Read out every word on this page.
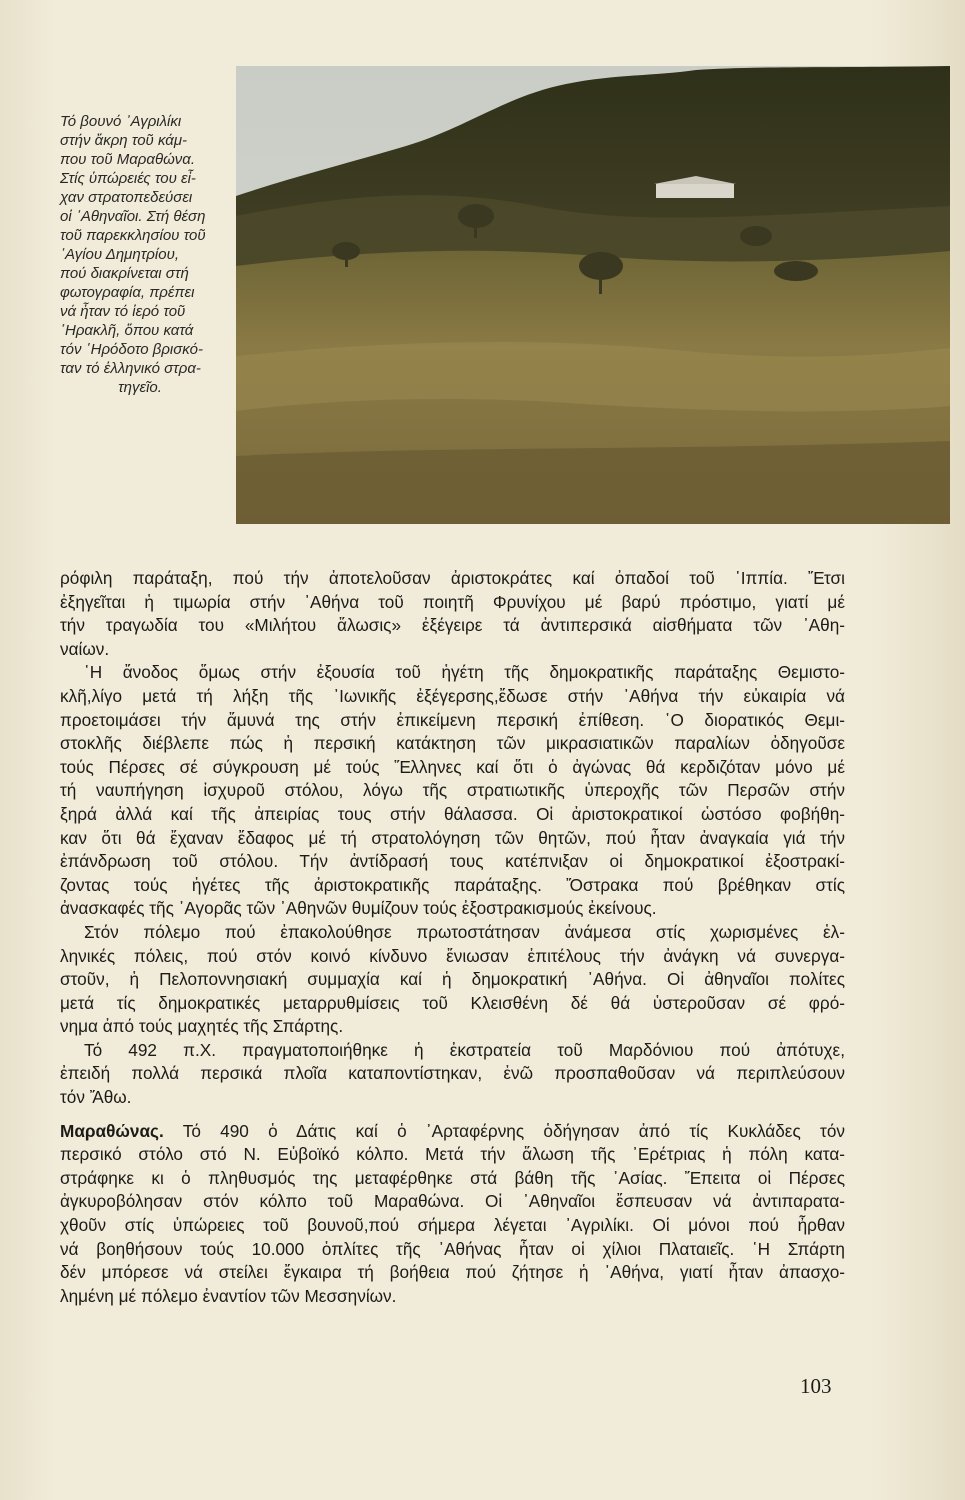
Τό βουνό ᾿Αγριλίκι
στήν ἄκρη τοῦ κάμ-
που τοῦ Μαραθώνα.
Στίς ὑπώρειές του εἶ-
χαν στρατοπεδεύσει
οἱ ᾿Αθηναῖοι. Στή θέση
τοῦ παρεκκλησίου τοῦ
᾿Αγίου Δημητρίου,
πού διακρίνεται στή
φωτογραφία, πρέπει
νά ἦταν τό ἱερό τοῦ
῾Ηρακλῆ, ὅπου κατά
τόν ῾Ηρόδοτο βρισκό-
ταν τό ἑλληνικό στρα-
τηγεῖο.
ρόφιλη παράταξη, πού τήν ἀποτελοῦσαν ἀριστοκράτες καί ὀπαδοί τοῦ ῾Ιππία. Ἔτσι
ἐξηγεῖται ἡ τιμωρία στήν ᾿Αθήνα τοῦ ποιητῆ Φρυνίχου μέ βαρύ πρόστιμο, γιατί μέ
τήν τραγωδία του «Μιλήτου ἅλωσις» ἐξέγειρε τά ἀντιπερσικά αἰσθήματα τῶν ᾿Αθη-
ναίων.
῾Η ἄνοδος ὅμως στήν ἐξουσία τοῦ ἡγέτη τῆς δημοκρατικῆς παράταξης Θεμιστο-
κλῆ,λίγο μετά τή λήξη τῆς ᾿Ιωνικῆς ἐξέγερσης,ἔδωσε στήν ᾿Αθήνα τήν εὐκαιρία νά
προετοιμάσει τήν ἄμυνά της στήν ἐπικείμενη περσική ἐπίθεση. ῾Ο διορατικός Θεμι-
στοκλῆς διέβλεπε πώς ἡ περσική κατάκτηση τῶν μικρασιατικῶν παραλίων ὀδηγοῦσε
τούς Πέρσες σέ σύγκρουση μέ τούς Ἕλληνες καί ὅτι ὁ ἀγώνας θά κερδιζόταν μόνο μέ
τή ναυπήγηση ἰσχυροῦ στόλου, λόγω τῆς στρατιωτικῆς ὑπεροχῆς τῶν Περσῶν στήν
ξηρά ἀλλά καί τῆς ἀπειρίας τους στήν θάλασσα. Οἱ ἀριστοκρατικοί ὡστόσο φοβήθη-
καν ὅτι θά ἔχαναν ἔδαφος μέ τή στρατολόγηση τῶν θητῶν, πού ἦταν ἀναγκαία γιά τήν
ἐπάνδρωση τοῦ στόλου. Τήν ἀντίδρασή τους κατέπνιξαν οἱ δημοκρατικοί ἐξοστρακί-
ζοντας τούς ἡγέτες τῆς ἀριστοκρατικῆς παράταξης. Ὄστρακα πού βρέθηκαν στίς
ἀνασκαφές τῆς ᾿Αγορᾶς τῶν ᾿Αθηνῶν θυμίζουν τούς ἐξοστρακισμούς ἐκείνους.
Στόν πόλεμο πού ἐπακολούθησε πρωτοστάτησαν ἀνάμεσα στίς χωρισμένες ἑλ-
ληνικές πόλεις, πού στόν κοινό κίνδυνο ἔνιωσαν ἐπιτέλους τήν ἀνάγκη νά συνεργα-
στοῦν, ἡ Πελοποννησιακή συμμαχία καί ἡ δημοκρατική ᾿Αθήνα. Οἱ ἀθηναῖοι πολίτες
μετά τίς δημοκρατικές μεταρρυθμίσεις τοῦ Κλεισθένη δέ θά ὑστεροῦσαν σέ φρό-
νημα ἀπό τούς μαχητές τῆς Σπάρτης.
Τό 492 π.Χ. πραγματοποιήθηκε ἡ ἐκστρατεία τοῦ Μαρδόνιου πού ἀπότυχε,
ἐπειδή πολλά περσικά πλοῖα καταποντίστηκαν, ἐνῶ προσπαθοῦσαν νά περιπλεύσουν
τόν Ἄθω.
Μαραθώνας. Τό 490 ὁ Δάτις καί ὁ ᾿Αρταφέρνης ὁδήγησαν ἀπό τίς Κυκλάδες τόν
περσικό στόλο στό Ν. Εὐβοϊκό κόλπο. Μετά τήν ἅλωση τῆς ᾿Ερέτριας ἡ πόλη κατα-
στράφηκε κι ὁ πληθυσμός της μεταφέρθηκε στά βάθη τῆς ᾿Ασίας. Ἔπειτα οἱ Πέρσες
ἀγκυροβόλησαν στόν κόλπο τοῦ Μαραθώνα. Οἱ ᾿Αθηναῖοι ἔσπευσαν νά ἀντιπαρατα-
χθοῦν στίς ὑπώρειες τοῦ βουνοῦ,πού σήμερα λέγεται ᾿Αγριλίκι. Οἱ μόνοι πού ἦρθαν
νά βοηθήσουν τούς 10.000 ὁπλίτες τῆς ᾿Αθήνας ἦταν οἱ χίλιοι Πλαταιεῖς. ῾Η Σπάρτη
δέν μπόρεσε νά στείλει ἔγκαιρα τή βοήθεια πού ζήτησε ἡ ᾿Αθήνα, γιατί ἦταν ἀπασχο-
λημένη μέ πόλεμο ἐναντίον τῶν Μεσσηνίων.
103
